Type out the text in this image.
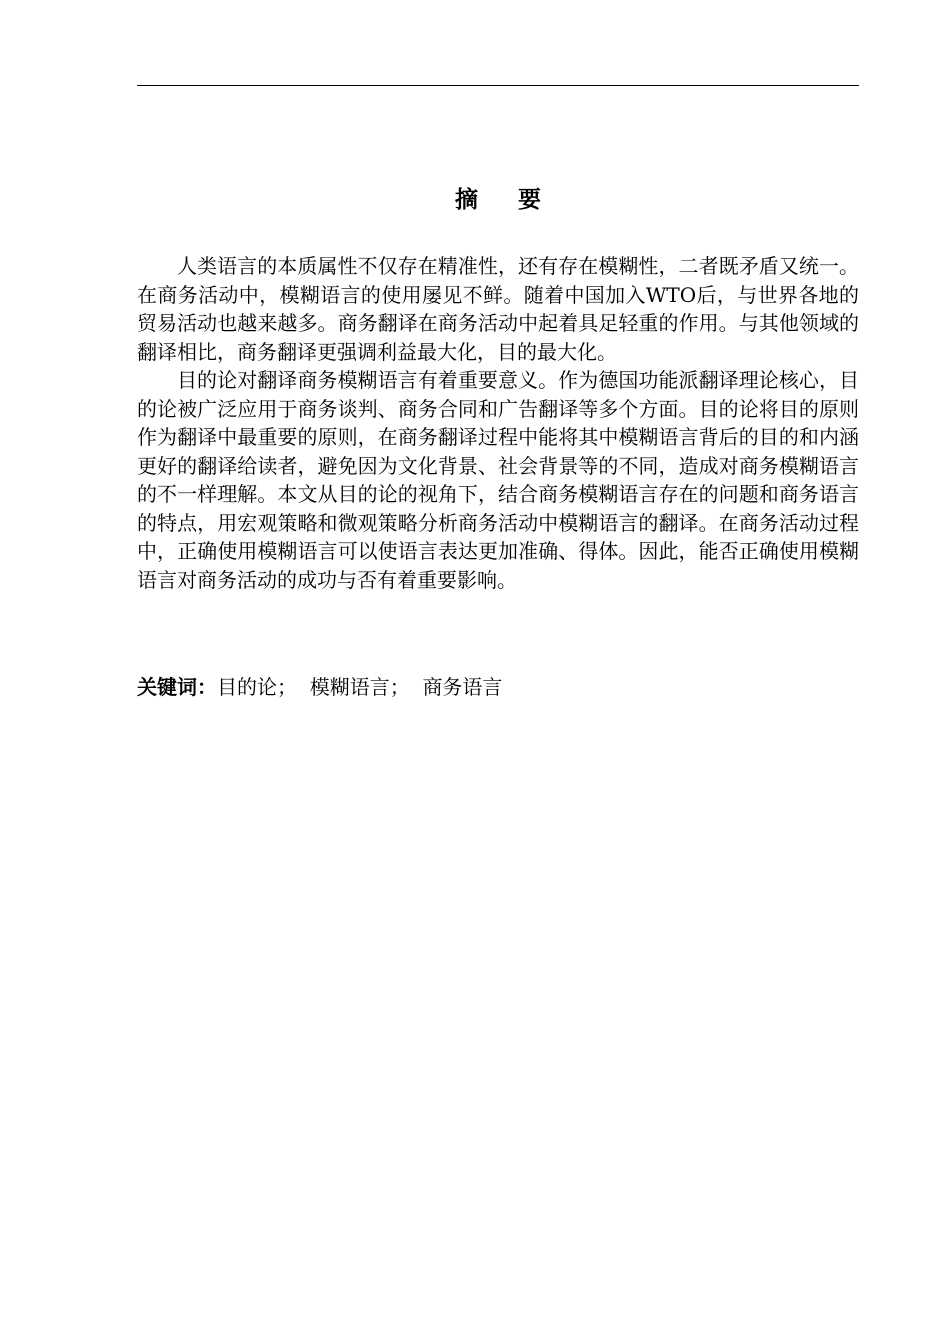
摘要

人类语言的本质属性不仅存在精准性，还有存在模糊性，二者既矛盾又统一。在商务活动中，模糊语言的使用屡见不鲜。随着中国加入WTO后，与世界各地的贸易活动也越来越多。商务翻译在商务活动中起着具足轻重的作用。与其他领域的翻译相比，商务翻译更强调利益最大化，目的最大化。

目的论对翻译商务模糊语言有着重要意义。作为德国功能派翻译理论核心，目的论被广泛应用于商务谈判、商务合同和广告翻译等多个方面。目的论将目的原则作为翻译中最重要的原则，在商务翻译过程中能将其中模糊语言背后的目的和内涵更好的翻译给读者，避免因为文化背景、社会背景等的不同，造成对商务模糊语言的不一样理解。本文从目的论的视角下，结合商务模糊语言存在的问题和商务语言的特点，用宏观策略和微观策略分析商务活动中模糊语言的翻译。在商务活动过程中，正确使用模糊语言可以使语言表达更加准确、得体。因此，能否正确使用模糊语言对商务活动的成功与否有着重要影响。

关键词：目的论； 模糊语言； 商务语言
